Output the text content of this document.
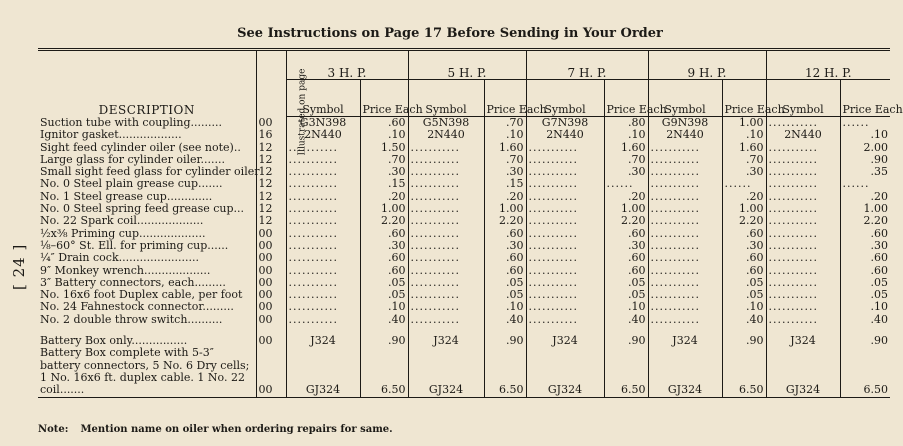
See Instructions on Page 17 Before Sending in Your Order
[ 24 ]
DESCRIPTION	Illustrated on page	3 H. P.		5 H. P.		7 H. P.		9 H. P.		12 H. P.	
		Symbol	Price Each	Symbol	Price Each	Symbol	Price Each	Symbol	Price Each	Symbol	Price Each
Suction tube with coupling.........	00	G3N398	.60	G5N398	.70	G7N398	.80	G9N398	1.00	...........	......
Ignitor gasket..................	16	2N440	.10	2N440	.10	2N440	.10	2N440	.10	2N440	.10
Sight feed cylinder oiler (see note)..	12	...........	1.50	...........	1.60	...........	1.60	...........	1.60	...........	2.00
Large glass for cylinder oiler.......	12	...........	.70	...........	.70	...........	.70	...........	.70	...........	.90
Small sight feed glass for cylinder oiler	12	...........	.30	...........	.30	...........	.30	...........	.30	...........	.35
No. 0 Steel plain grease cup.......	12	...........	.15	...........	.15	...........	......	...........	......	...........	......
No. 1 Steel grease cup.............	12	...........	.20	...........	.20	...........	.20	...........	.20	...........	.20
No. 0 Steel spring feed grease cup...	12	...........	1.00	...........	1.00	...........	1.00	...........	1.00	...........	1.00
No. 22 Spark coil...................	12	...........	2.20	...........	2.20	...........	2.20	...........	2.20	...........	2.20
½x⅜ Priming cup...................	00	...........	.60	...........	.60	...........	.60	...........	.60	...........	.60
⅛–60° St. Ell. for priming cup......	00	...........	.30	...........	.30	...........	.30	...........	.30	...........	.30
¼″ Drain cock.......................	00	...........	.60	...........	.60	...........	.60	...........	.60	...........	.60
9″ Monkey wrench...................	00	...........	.60	...........	.60	...........	.60	...........	.60	...........	.60
3″ Battery connectors, each.........	00	...........	.05	...........	.05	...........	.05	...........	.05	...........	.05
No. 16x6 foot Duplex cable, per foot	00	...........	.05	...........	.05	...........	.05	...........	.05	...........	.05
No. 24 Fahnestock connector.........	00	...........	.10	...........	.10	...........	.10	...........	.10	...........	.10
No. 2 double throw switch..........	00	...........	.40	...........	.40	...........	.40	...........	.40	...........	.40

Battery Box only................	00	J324	.90	J324	.90	J324	.90	J324	.90	J324	.90
Battery Box complete with 5-3″ battery connectors, 5 No. 6 Dry cells; 1 No. 16x6 ft. duplex cable. 1 No. 22 coil.......	00	GJ324	6.50	GJ324	6.50	GJ324	6.50	GJ324	6.50	GJ324	6.50
Note: Mention name on oiler when ordering repairs for same.
